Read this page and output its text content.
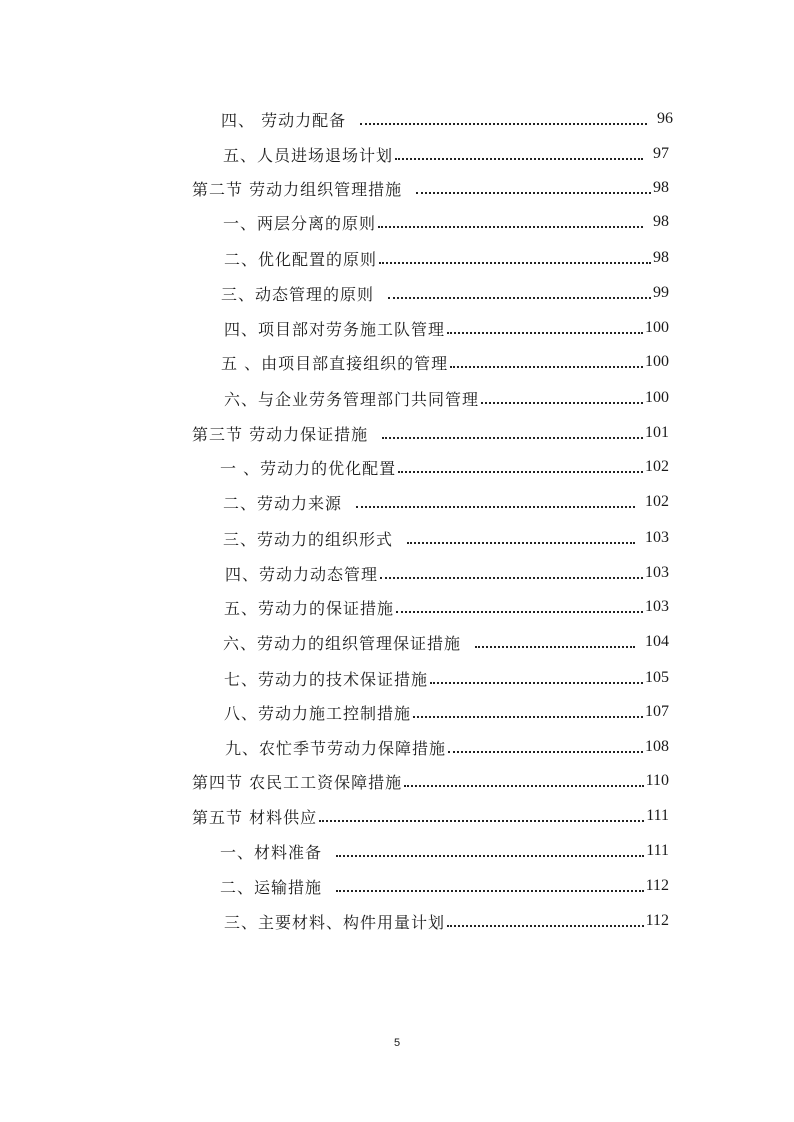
四、 劳动力配备	96
五、人员进场退场计划	97
第二节 劳动力组织管理措施	98
一、两层分离的原则	98
二、优化配置的原则	98
三、动态管理的原则	99
四、项目部对劳务施工队管理	100
五 、由项目部直接组织的管理	100
六、与企业劳务管理部门共同管理	100
第三节 劳动力保证措施	101
一 、劳动力的优化配置	102
二、劳动力来源	102
三、劳动力的组织形式	103
四、劳动力动态管理	103
五、劳动力的保证措施	103
六、劳动力的组织管理保证措施	104
七、劳动力的技术保证措施	105
八、劳动力施工控制措施	107
九、农忙季节劳动力保障措施	108
第四节 农民工工资保障措施	110
第五节 材料供应	111
一、材料准备	111
二、运输措施	112
三、主要材料、构件用量计划	112
5
